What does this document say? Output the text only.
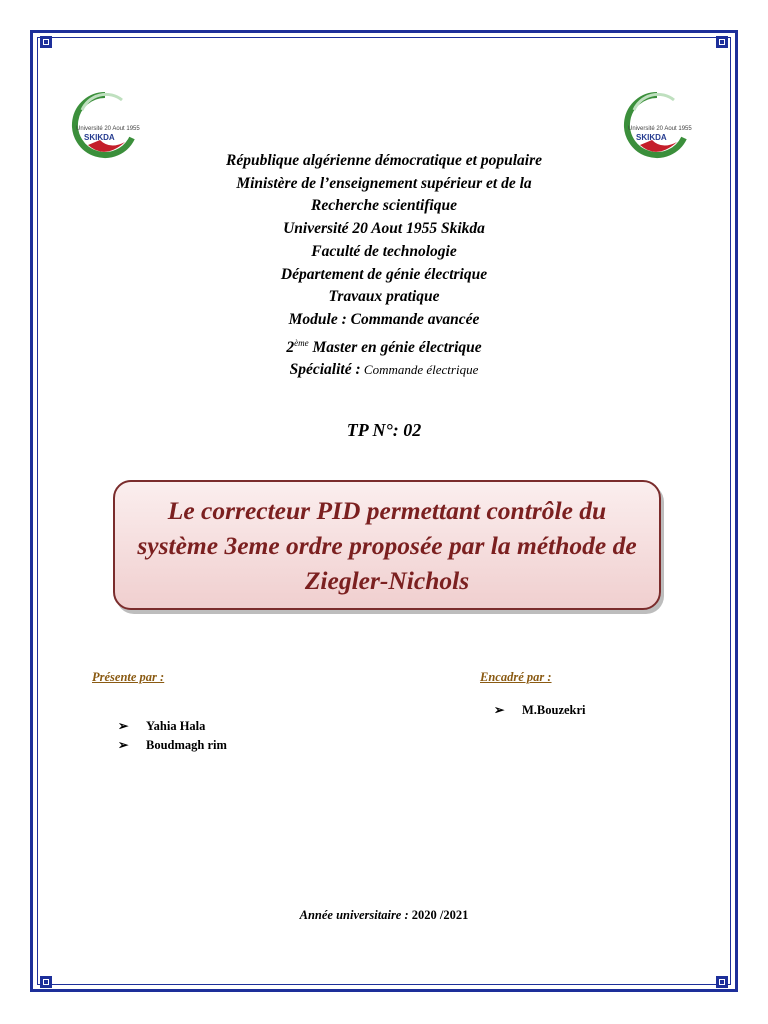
Université 20 Aout 1955
SKIKDA
Université 20 Aout 1955
SKIKDA
République algérienne démocratique et populaire
Ministère de l’enseignement supérieur et de la
Recherche scientifique
Université 20 Aout 1955 Skikda
Faculté de technologie
Département de génie électrique
Travaux pratique
Module : Commande avancée
2ème Master en génie électrique
Spécialité : Commande électrique
TP N°: 02
Le correcteur PID permettant contrôle du système 3eme ordre proposée par la méthode de Ziegler-Nichols
Présente par :
➢ Yahia Hala
➢ Boudmagh rim
Encadré par :
➢ M.Bouzekri
Année universitaire : 2020 /2021
